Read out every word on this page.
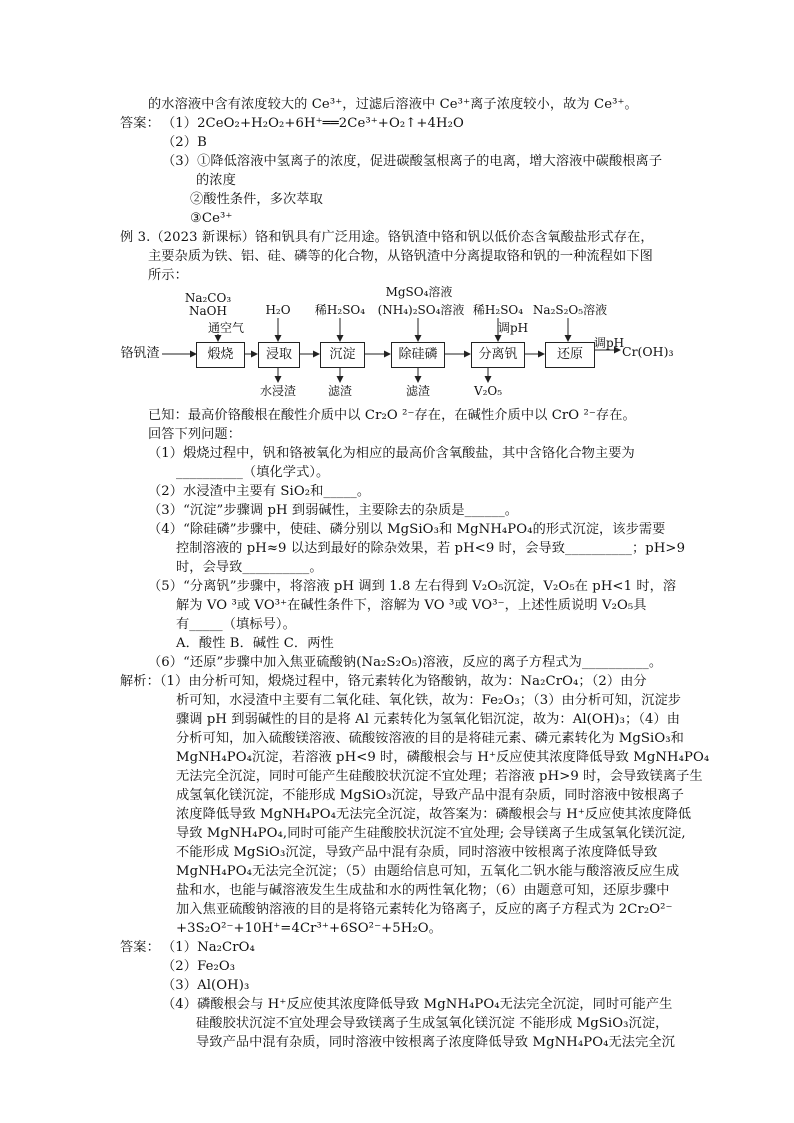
的水溶液中含有浓度较大的 Ce³⁺，过滤后溶液中 Ce³⁺离子浓度较小，故为 Ce³⁺。
答案： （1）2CeO₂+H₂O₂+6H⁺══2Ce³⁺+O₂↑+4H₂O
（2）B
（3）①降低溶液中氢离子的浓度，促进碳酸氢根离子的电离，增大溶液中碳酸根离子
的浓度
②酸性条件，多次萃取
③Ce³⁺
例 3.（2023 新课标）铬和钒具有广泛用途。铬钒渣中铬和钒以低价态含氧酸盐形式存在，
主要杂质为铁、铝、硅、磷等的化合物，从铬钒渣中分离提取铬和钒的一种流程如下图
所示：
铬钒渣	Cr(OH)₃
煅烧	浸取	沉淀	除硅磷	分离钒	还原
Na₂CO₃
NaOH
通空气
H₂O	稀H₂SO₄
MgSO₄溶液
(NH₄)₂SO₄溶液 稀H₂SO₄
调pH
Na₂S₂O₅溶液
调pH
水浸渣	滤渣	滤渣	V₂O₅
已知：最高价铬酸根在酸性介质中以 Cr₂O ²⁻存在，在碱性介质中以 CrO ²⁻存在。
回答下列问题：
（1）煅烧过程中，钒和铬被氧化为相应的最高价含氧酸盐，其中含铬化合物主要为
__________（填化学式）。
（2）水浸渣中主要有 SiO₂和_____。
（3）“沉淀”步骤调 pH 到弱碱性，主要除去的杂质是______。
（4）“除硅磷”步骤中，使硅、磷分别以 MgSiO₃和 MgNH₄PO₄的形式沉淀，该步需要
控制溶液的 pH≈9 以达到最好的除杂效果，若 pH<9 时，会导致__________；pH>9
时，会导致__________。
（5）“分离钒”步骤中，将溶液 pH 调到 1.8 左右得到 V₂O₅沉淀，V₂O₅在 pH<1 时，溶
解为 VO ³或 VO³⁺在碱性条件下，溶解为 VO ³或 VO³⁻，上述性质说明 V₂O₅具
有_____（填标号）。
A．酸性 B．碱性 C．两性
（6）“还原”步骤中加入焦亚硫酸钠(Na₂S₂O₅)溶液，反应的离子方程式为__________。
解析：（1）由分析可知，煅烧过程中，铬元素转化为铬酸钠，故为：Na₂CrO₄；（2）由分
析可知，水浸渣中主要有二氧化硅、氧化铁，故为：Fe₂O₃；（3）由分析可知，沉淀步
骤调 pH 到弱碱性的目的是将 Al 元素转化为氢氧化铝沉淀，故为：Al(OH)₃；（4）由
分析可知，加入硫酸镁溶液、硫酸铵溶液的目的是将硅元素、磷元素转化为 MgSiO₃和
MgNH₄PO₄沉淀，若溶液 pH<9 时，磷酸根会与 H⁺反应使其浓度降低导致 MgNH₄PO₄
无法完全沉淀，同时可能产生硅酸胶状沉淀不宜处理；若溶液 pH>9 时，会导致镁离子生
成氢氧化镁沉淀，不能形成 MgSiO₃沉淀，导致产品中混有杂质，同时溶液中铵根离子
浓度降低导致 MgNH₄PO₄无法完全沉淀，故答案为：磷酸根会与 H⁺反应使其浓度降低
导致 MgNH₄PO₄,同时可能产生硅酸胶状沉淀不宜处理; 会导镁离子生成氢氧化镁沉淀,
不能形成 MgSiO₃沉淀，导致产品中混有杂质，同时溶液中铵根离子浓度降低导致
MgNH₄PO₄无法完全沉淀；（5）由题给信息可知，五氧化二钒水能与酸溶液反应生成
盐和水，也能与碱溶液发生生成盐和水的两性氧化物；（6）由题意可知，还原步骤中
加入焦亚硫酸钠溶液的目的是将铬元素转化为铬离子，反应的离子方程式为 2Cr₂O²⁻
+3S₂O²⁻+10H⁺=4Cr³⁺+6SO²⁻+5H₂O。
答案： （1）Na₂CrO₄
（2）Fe₂O₃
（3）Al(OH)₃
（4）磷酸根会与 H⁺反应使其浓度降低导致 MgNH₄PO₄无法完全沉淀，同时可能产生
硅酸胶状沉淀不宜处理会导致镁离子生成氢氧化镁沉淀 不能形成 MgSiO₃沉淀，
导致产品中混有杂质，同时溶液中铵根离子浓度降低导致 MgNH₄PO₄无法完全沉
